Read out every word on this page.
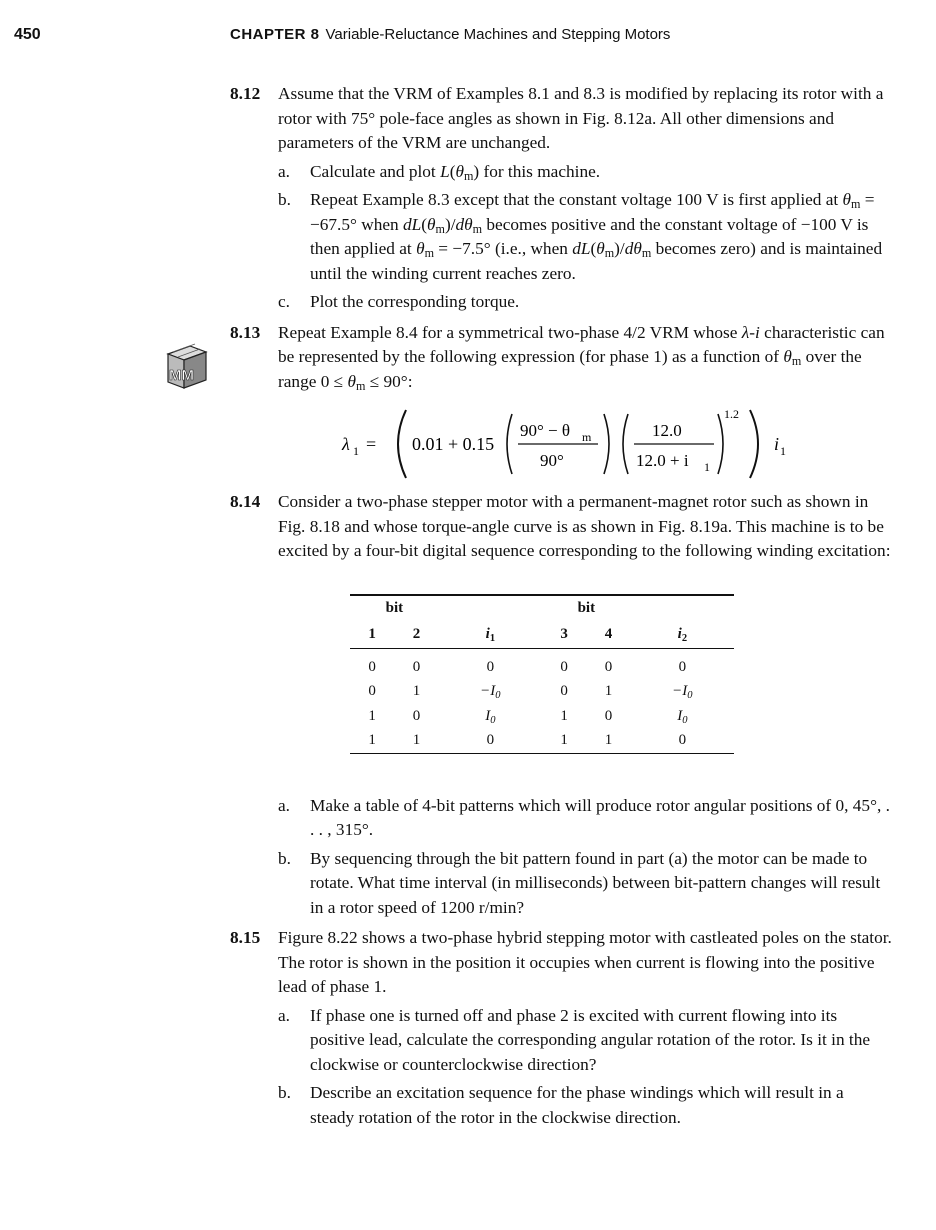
450	CHAPTER 8 Variable-Reluctance Machines and Stepping Motors
MM
8.12 Assume that the VRM of Examples 8.1 and 8.3 is modified by replacing its rotor with a rotor with 75° pole-face angles as shown in Fig. 8.12a. All other dimensions and parameters of the VRM are unchanged.
a. Calculate and plot $L(\theta_m)$ for this machine.
b. Repeat Example 8.3 except that the constant voltage 100 V is first applied at $\theta_m = -67.5^\circ$ when $dL(\theta_m)/d\theta_m$ becomes positive and the constant voltage of −100 V is then applied at $\theta_m = -7.5^\circ$ (i.e., when $dL(\theta_m)/d\theta_m$ becomes zero) and is maintained until the winding current reaches zero.
c. Plot the corresponding torque.
8.13 Repeat Example 8.4 for a symmetrical two-phase 4/2 VRM whose λ-i characteristic can be represented by the following expression (for phase 1) as a function of $\theta_m$ over the range $0 \le \theta_m \le 90^\circ$:
λ 1 = 0.01 + 0.15
90° − θ m
90°
12.0
12.0 + i 1
1.2
i 1
8.14 Consider a two-phase stepper motor with a permanent-magnet rotor such as shown in Fig. 8.18 and whose torque-angle curve is as shown in Fig. 8.19a. This machine is to be excited by a four-bit digital sequence corresponding to the following winding excitation:

bit			bit		
1	2	$i_1$	3	4	$i_2$
0	0	0	0	0	0
0	1	$-I_0$	0	1	$-I_0$
1	0	$I_0$	1	0	$I_0$
1	1	0	1	1	0
a. Make a table of 4-bit patterns which will produce rotor angular positions of 0, 45°, . . . , 315°.
b. By sequencing through the bit pattern found in part (a) the motor can be made to rotate. What time interval (in milliseconds) between bit-pattern changes will result in a rotor speed of 1200 r/min?
8.15 Figure 8.22 shows a two-phase hybrid stepping motor with castleated poles on the stator. The rotor is shown in the position it occupies when current is flowing into the positive lead of phase 1.
a. If phase one is turned off and phase 2 is excited with current flowing into its positive lead, calculate the corresponding angular rotation of the rotor. Is it in the clockwise or counterclockwise direction?
b. Describe an excitation sequence for the phase windings which will result in a steady rotation of the rotor in the clockwise direction.
